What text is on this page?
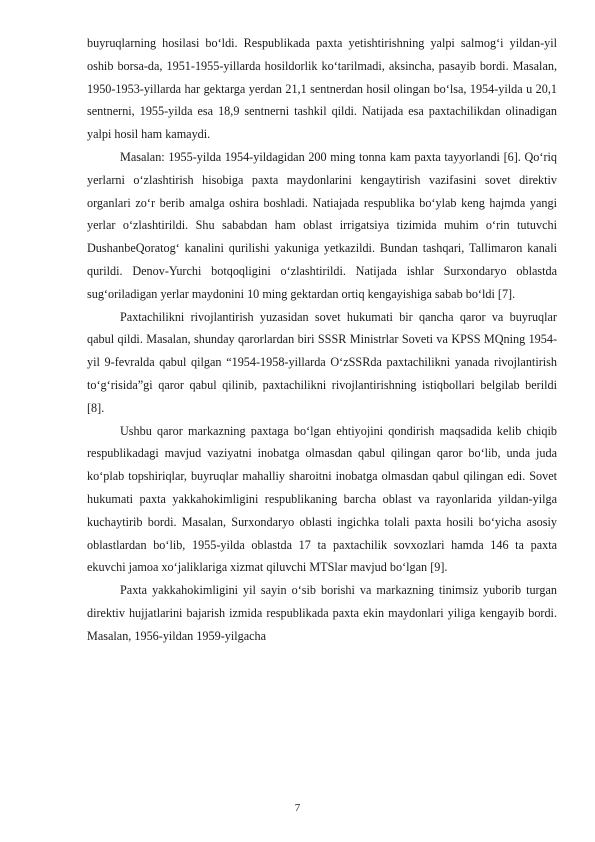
buyruqlarning hosilasi bo‘ldi. Respublikada paxta yetishtirishning yalpi salmog‘i yildan-yil oshib borsa-da, 1951-1955-yillarda hosildorlik ko‘tarilmadi, aksincha, pasayib bordi. Masalan, 1950-1953-yillarda har gektarga yerdan 21,1 sentnerdan hosil olingan bo‘lsa, 1954-yilda u 20,1 sentnerni, 1955-yilda esa 18,9 sentnerni tashkil qildi. Natijada esa paxtachilikdan olinadigan yalpi hosil ham kamaydi.

Masalan: 1955-yilda 1954-yildagidan 200 ming tonna kam paxta tayyorlandi [6]. Qo‘riq yerlarni o‘zlashtirish hisobiga paxta maydonlarini kengaytirish vazifasini sovet direktiv organlari zo‘r berib amalga oshira boshladi. Natiajada respublika bo‘ylab keng hajmda yangi yerlar o‘zlashtirildi. Shu sababdan ham oblast irrigatsiya tizimida muhim o‘rin tutuvchi DushanbeQoratog‘ kanalini qurilishi yakuniga yetkazildi. Bundan tashqari, Tallimaron kanali qurildi. Denov-Yurchi botqoqligini o‘zlashtirildi. Natijada ishlar Surxondaryo oblastda sug‘oriladigan yerlar maydonini 10 ming gektardan ortiq kengayishiga sabab bo‘ldi [7].

Paxtachilikni rivojlantirish yuzasidan sovet hukumati bir qancha qaror va buyruqlar qabul qildi. Masalan, shunday qarorlardan biri SSSR Ministrlar Soveti va KPSS MQning 1954-yil 9-fevralda qabul qilgan “1954-1958-yillarda O‘zSSRda paxtachilikni yanada rivojlantirish to‘g‘risida”gi qaror qabul qilinib, paxtachilikni rivojlantirishning istiqbollari belgilab berildi [8].

Ushbu qaror markazning paxtaga bo‘lgan ehtiyojini qondirish maqsadida kelib chiqib respublikadagi mavjud vaziyatni inobatga olmasdan qabul qilingan qaror bo‘lib, unda juda ko‘plab topshiriqlar, buyruqlar mahalliy sharoitni inobatga olmasdan qabul qilingan edi. Sovet hukumati paxta yakkahokimligini respublikaning barcha oblast va rayonlarida yildan-yilga kuchaytirib bordi. Masalan, Surxondaryo oblasti ingichka tolali paxta hosili bo‘yicha asosiy oblastlardan bo‘lib, 1955-yilda oblastda 17 ta paxtachilik sovxozlari hamda 146 ta paxta ekuvchi jamoa xo‘jaliklariga xizmat qiluvchi MTSlar mavjud bo‘lgan [9].

Paxta yakkahokimligini yil sayin o‘sib borishi va markazning tinimsiz yuborib turgan direktiv hujjatlarini bajarish izmida respublikada paxta ekin maydonlari yiliga kengayib bordi. Masalan, 1956-yildan 1959-yilgacha

7
